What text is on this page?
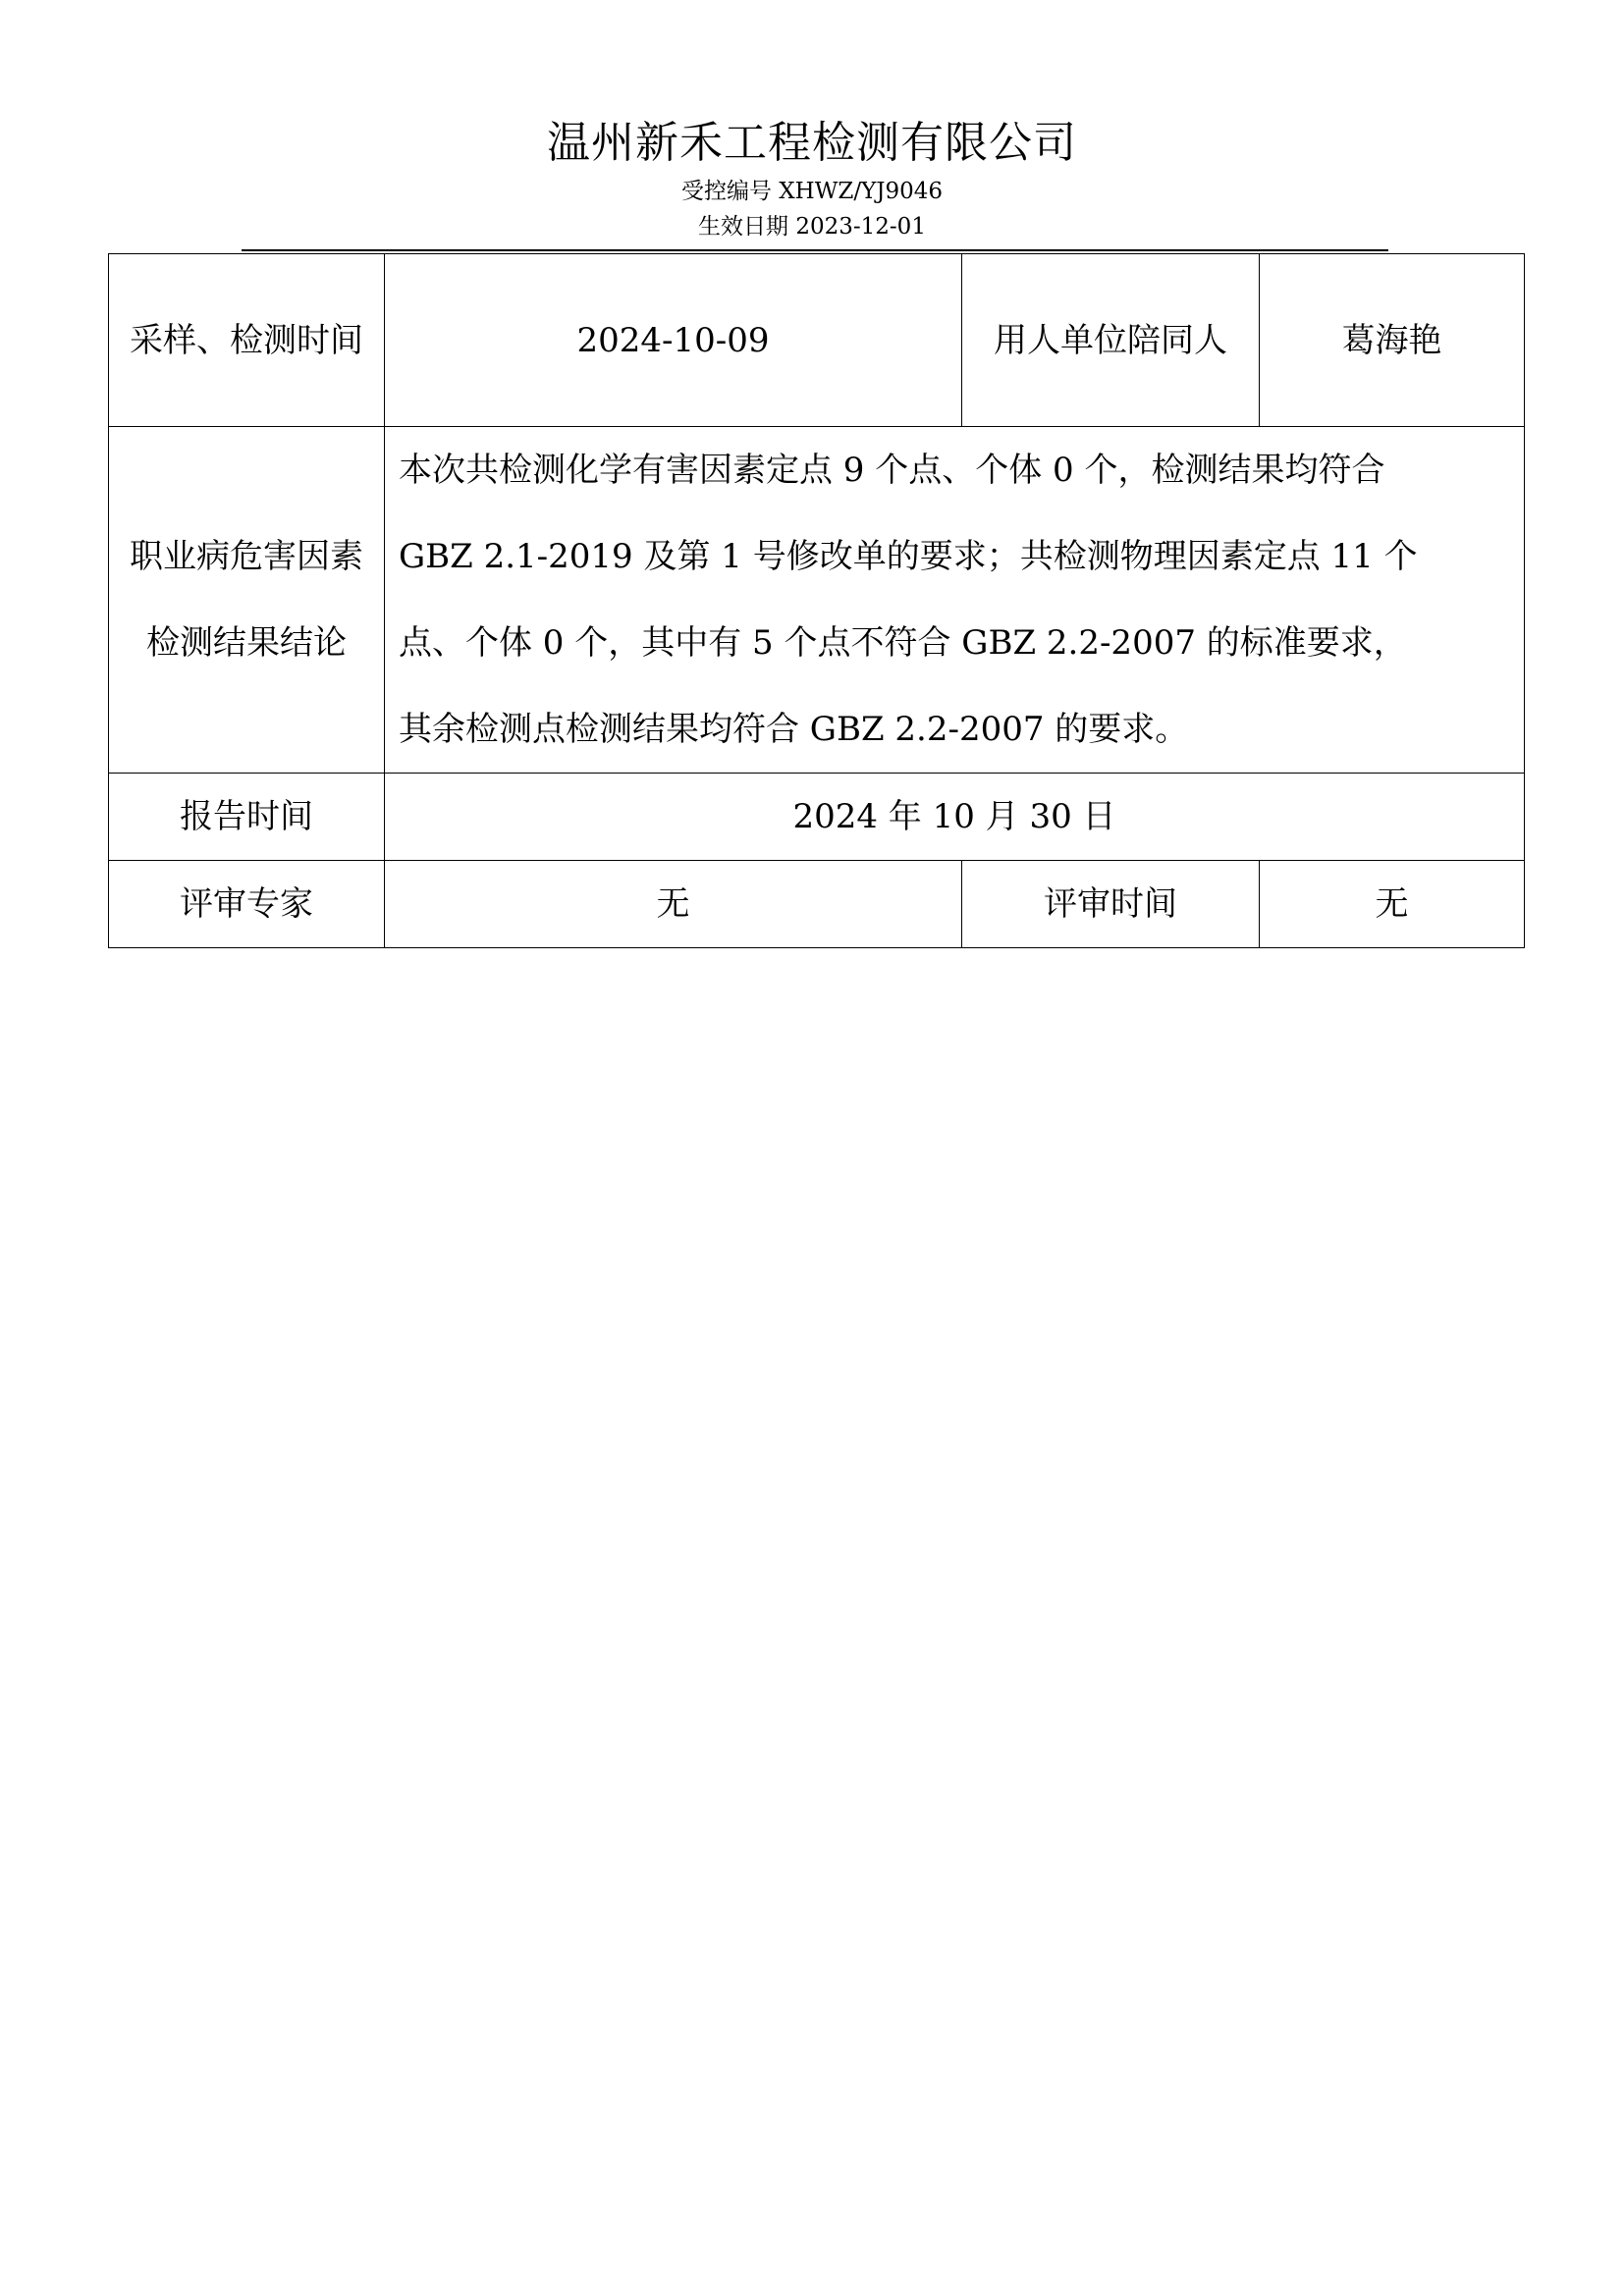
温州新禾工程检测有限公司
受控编号 XHWZ/YJ9046
生效日期 2023-12-01
采样、检测时间	2024-10-09	用人单位陪同人	葛海艳
职业病危害因素检测结果结论	本次共检测化学有害因素定点 9 个点、个体 0 个，检测结果均符合
GBZ 2.1-2019 及第 1 号修改单的要求；共检测物理因素定点 11 个
点、个体 0 个，其中有 5 个点不符合 GBZ 2.2-2007 的标准要求，
其余检测点检测结果均符合 GBZ 2.2-2007 的要求。		

报告时间	2024 年 10 月 30 日		
评审专家	无	评审时间	无
